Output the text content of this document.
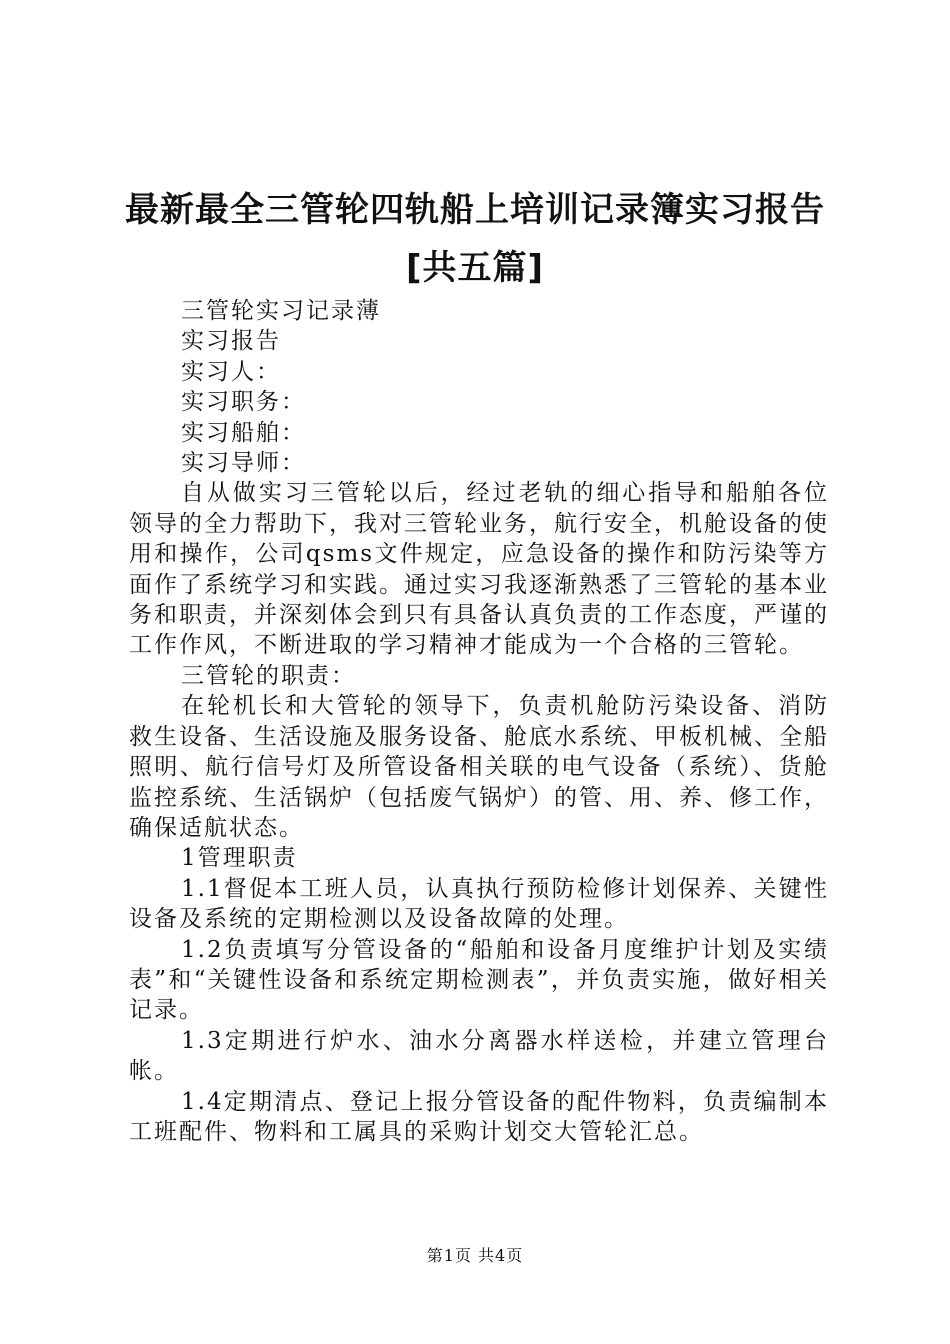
最新最全三管轮四轨船上培训记录簿实习报告
[共五篇]

三管轮实习记录薄

实习报告

实习人：

实习职务：

实习船舶：

实习导师：

自从做实习三管轮以后，经过老轨的细心指导和船舶各位领导的全力帮助下，我对三管轮业务，航行安全，机舱设备的使用和操作，公司qsms文件规定，应急设备的操作和防污染等方面作了系统学习和实践。通过实习我逐渐熟悉了三管轮的基本业务和职责，并深刻体会到只有具备认真负责的工作态度，严谨的工作作风，不断进取的学习精神才能成为一个合格的三管轮。

三管轮的职责：

在轮机长和大管轮的领导下，负责机舱防污染设备、消防救生设备、生活设施及服务设备、舱底水系统、甲板机械、全船照明、航行信号灯及所管设备相关联的电气设备（系统）、货舱监控系统、生活锅炉（包括废气锅炉）的管、用、养、修工作，确保适航状态。

1管理职责

1.1督促本工班人员，认真执行预防检修计划保养、关键性设备及系统的定期检测以及设备故障的处理。

1.2负责填写分管设备的“船舶和设备月度维护计划及实绩表”和“关键性设备和系统定期检测表”，并负责实施，做好相关记录。

1.3定期进行炉水、油水分离器水样送检，并建立管理台帐。

1.4定期清点、登记上报分管设备的配件物料，负责编制本工班配件、物料和工属具的采购计划交大管轮汇总。

第1页 共4页
